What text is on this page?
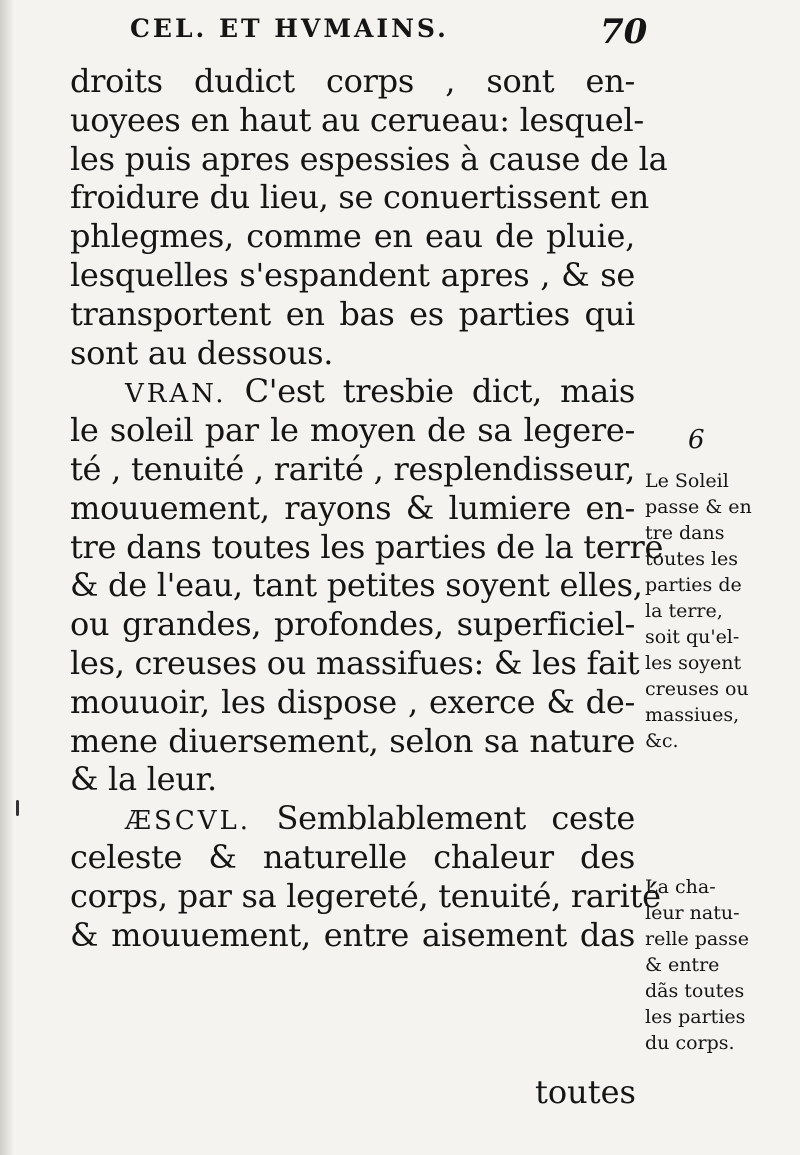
CEL. ET HVMAINS.	70
droits dudict corps , sont en-
uoyees en haut au cerueau: lesquel-
les puis apres espessies à cause de la
froidure du lieu, se conuertissent en
phlegmes, comme en eau de pluie,
lesquelles s'espandent apres , & se
transportent en bas es parties qui
sont au dessous.
VRAN. C'est tresbie dict, mais
le soleil par le moyen de sa legere-
té , tenuité , rarité , resplendisseur,
mouuement, rayons & lumiere en-
tre dans toutes les parties de la terre
& de l'eau, tant petites soyent elles,
ou grandes, profondes, superficiel-
les, creuses ou massifues: & les fait
mouuoir, les dispose , exerce & de-
mene diuersement, selon sa nature
& la leur.
ÆSCVL. Semblablement ceste
celeste & naturelle chaleur des
corps, par sa legereté, tenuité, rarité
& mouuement, entre aisement das
toutes
6
Le Soleil
passe & en
tre dans
toutes les
parties de
la terre,
soit qu'el-
les soyent
creuses ou
massiues,
&c.
La cha-
leur natu-
relle passe
& entre
dãs toutes
les parties
du corps.
